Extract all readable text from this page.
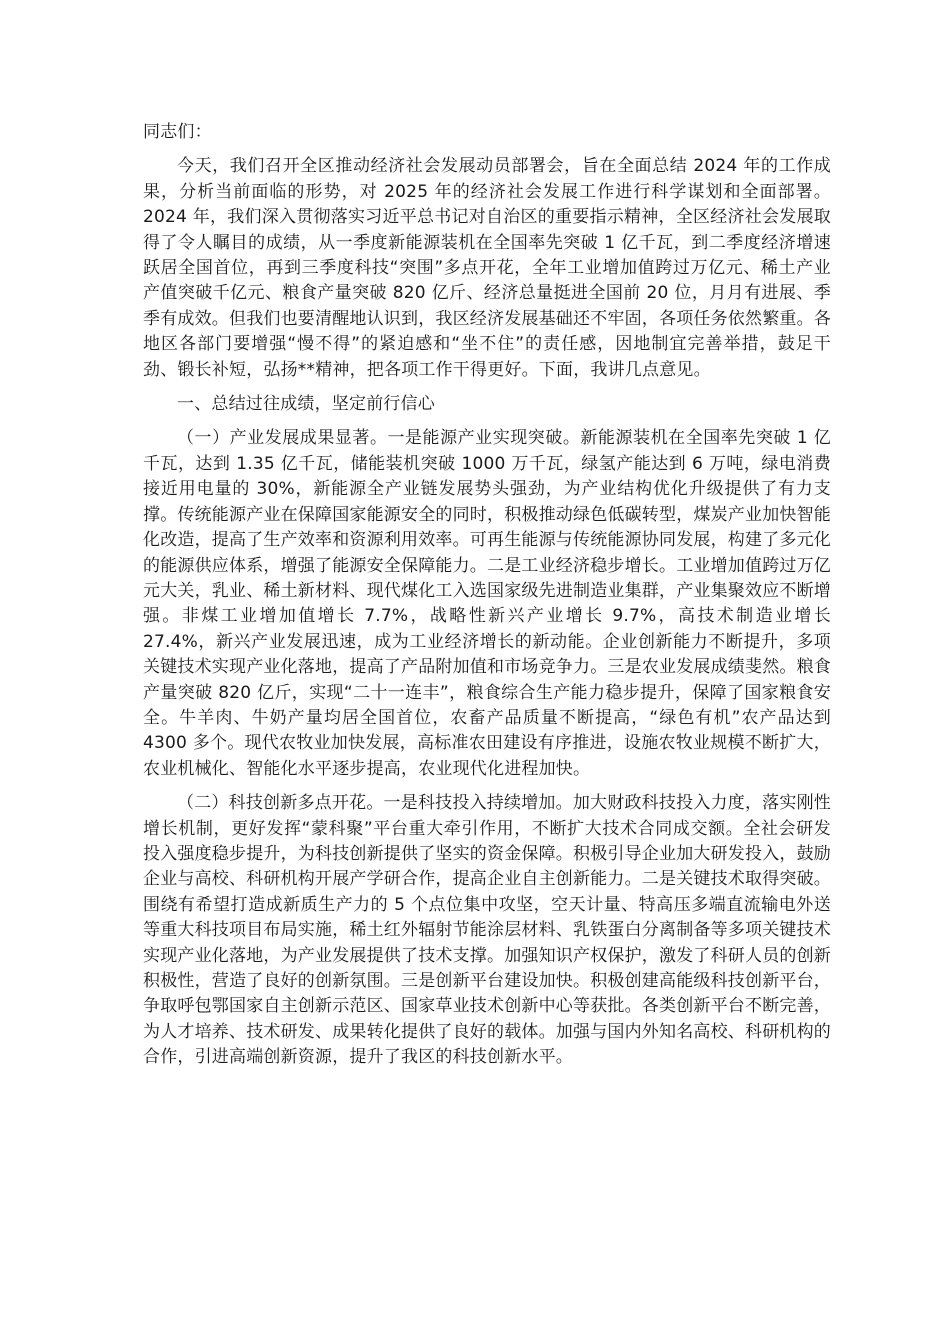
同志们：

今天，我们召开全区推动经济社会发展动员部署会，旨在全面总结 2024 年的工作成果，分析当前面临的形势，对 2025 年的经济社会发展工作进行科学谋划和全面部署。2024 年，我们深入贯彻落实习近平总书记对自治区的重要指示精神，全区经济社会发展取得了令人瞩目的成绩，从一季度新能源装机在全国率先突破 1 亿千瓦，到二季度经济增速跃居全国首位，再到三季度科技“突围”多点开花，全年工业增加值跨过万亿元、稀土产业产值突破千亿元、粮食产量突破 820 亿斤、经济总量挺进全国前 20 位，月月有进展、季季有成效。但我们也要清醒地认识到，我区经济发展基础还不牢固，各项任务依然繁重。各地区各部门要增强“慢不得”的紧迫感和“坐不住”的责任感，因地制宜完善举措，鼓足干劲、锻长补短，弘扬**精神，把各项工作干得更好。下面，我讲几点意见。

一、总结过往成绩，坚定前行信心

（一）产业发展成果显著。一是能源产业实现突破。新能源装机在全国率先突破 1 亿千瓦，达到 1.35 亿千瓦，储能装机突破 1000 万千瓦，绿氢产能达到 6 万吨，绿电消费接近用电量的 30%，新能源全产业链发展势头强劲，为产业结构优化升级提供了有力支撑。传统能源产业在保障国家能源安全的同时，积极推动绿色低碳转型，煤炭产业加快智能化改造，提高了生产效率和资源利用效率。可再生能源与传统能源协同发展，构建了多元化的能源供应体系，增强了能源安全保障能力。二是工业经济稳步增长。工业增加值跨过万亿元大关，乳业、稀土新材料、现代煤化工入选国家级先进制造业集群，产业集聚效应不断增强。非煤工业增加值增长 7.7%，战略性新兴产业增长 9.7%，高技术制造业增长 27.4%，新兴产业发展迅速，成为工业经济增长的新动能。企业创新能力不断提升，多项关键技术实现产业化落地，提高了产品附加值和市场竞争力。三是农业发展成绩斐然。粮食产量突破 820 亿斤，实现“二十一连丰”，粮食综合生产能力稳步提升，保障了国家粮食安全。牛羊肉、牛奶产量均居全国首位，农畜产品质量不断提高，“绿色有机”农产品达到 4300 多个。现代农牧业加快发展，高标准农田建设有序推进，设施农牧业规模不断扩大，农业机械化、智能化水平逐步提高，农业现代化进程加快。

（二）科技创新多点开花。一是科技投入持续增加。加大财政科技投入力度，落实刚性增长机制，更好发挥“蒙科聚”平台重大牵引作用，不断扩大技术合同成交额。全社会研发投入强度稳步提升，为科技创新提供了坚实的资金保障。积极引导企业加大研发投入，鼓励企业与高校、科研机构开展产学研合作，提高企业自主创新能力。二是关键技术取得突破。围绕有希望打造成新质生产力的 5 个点位集中攻坚，空天计量、特高压多端直流输电外送等重大科技项目布局实施，稀土红外辐射节能涂层材料、乳铁蛋白分离制备等多项关键技术实现产业化落地，为产业发展提供了技术支撑。加强知识产权保护，激发了科研人员的创新积极性，营造了良好的创新氛围。三是创新平台建设加快。积极创建高能级科技创新平台，争取呼包鄂国家自主创新示范区、国家草业技术创新中心等获批。各类创新平台不断完善，为人才培养、技术研发、成果转化提供了良好的载体。加强与国内外知名高校、科研机构的合作，引进高端创新资源，提升了我区的科技创新水平。
